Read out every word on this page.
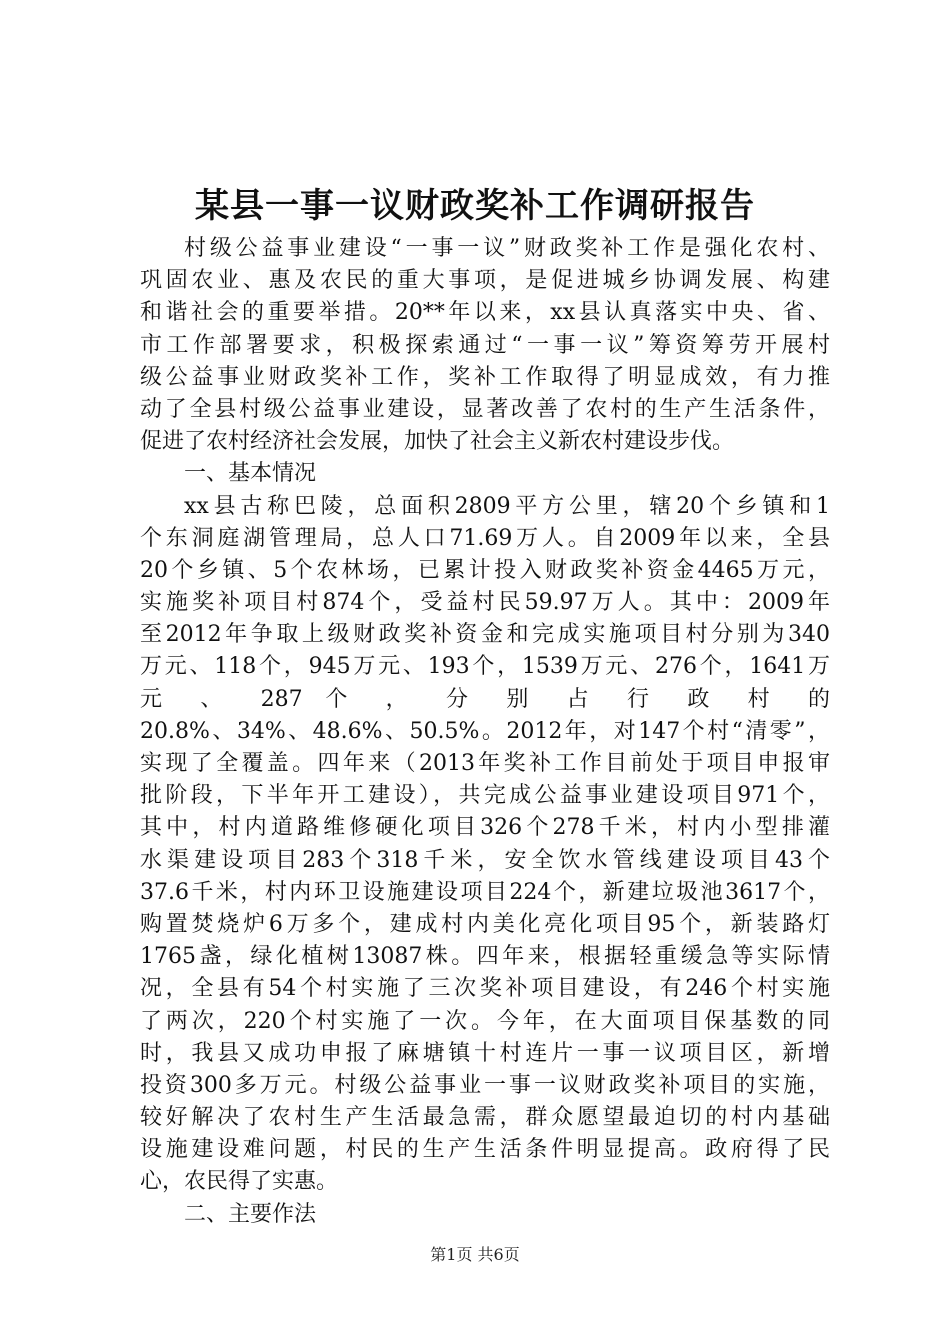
某县一事一议财政奖补工作调研报告
村级公益事业建设“一事一议”财政奖补工作是强化农村、
巩固农业、惠及农民的重大事项，是促进城乡协调发展、构建
和谐社会的重要举措。20**年以来，xx县认真落实中央、省、
市工作部署要求，积极探索通过“一事一议”筹资筹劳开展村
级公益事业财政奖补工作，奖补工作取得了明显成效，有力推
动了全县村级公益事业建设，显著改善了农村的生产生活条件，
促进了农村经济社会发展，加快了社会主义新农村建设步伐。
一、基本情况
xx县古称巴陵，总面积2809平方公里，辖20个乡镇和1
个东洞庭湖管理局，总人口71.69万人。自2009年以来，全县
20个乡镇、5个农林场，已累计投入财政奖补资金4465万元，
实施奖补项目村874个，受益村民59.97万人。其中：2009年
至2012年争取上级财政奖补资金和完成实施项目村分别为340
万元、118个，945万元、193个，1539万元、276个，1641万
元 、 287 个 ， 分 别 占 行 政 村 的
20.8%、34%、48.6%、50.5%。2012年，对147个村“清零”，
实现了全覆盖。四年来（2013年奖补工作目前处于项目申报审
批阶段，下半年开工建设），共完成公益事业建设项目971个，
其中，村内道路维修硬化项目326个278千米，村内小型排灌
水渠建设项目283个318千米，安全饮水管线建设项目43个
37.6千米，村内环卫设施建设项目224个，新建垃圾池3617个，
购置焚烧炉6万多个，建成村内美化亮化项目95个，新装路灯
1765盏，绿化植树13087株。四年来，根据轻重缓急等实际情
况，全县有54个村实施了三次奖补项目建设，有246个村实施
了两次，220个村实施了一次。今年，在大面项目保基数的同
时，我县又成功申报了麻塘镇十村连片一事一议项目区，新增
投资300多万元。村级公益事业一事一议财政奖补项目的实施，
较好解决了农村生产生活最急需，群众愿望最迫切的村内基础
设施建设难问题，村民的生产生活条件明显提高。政府得了民
心，农民得了实惠。
二、主要作法
第1页 共6页
